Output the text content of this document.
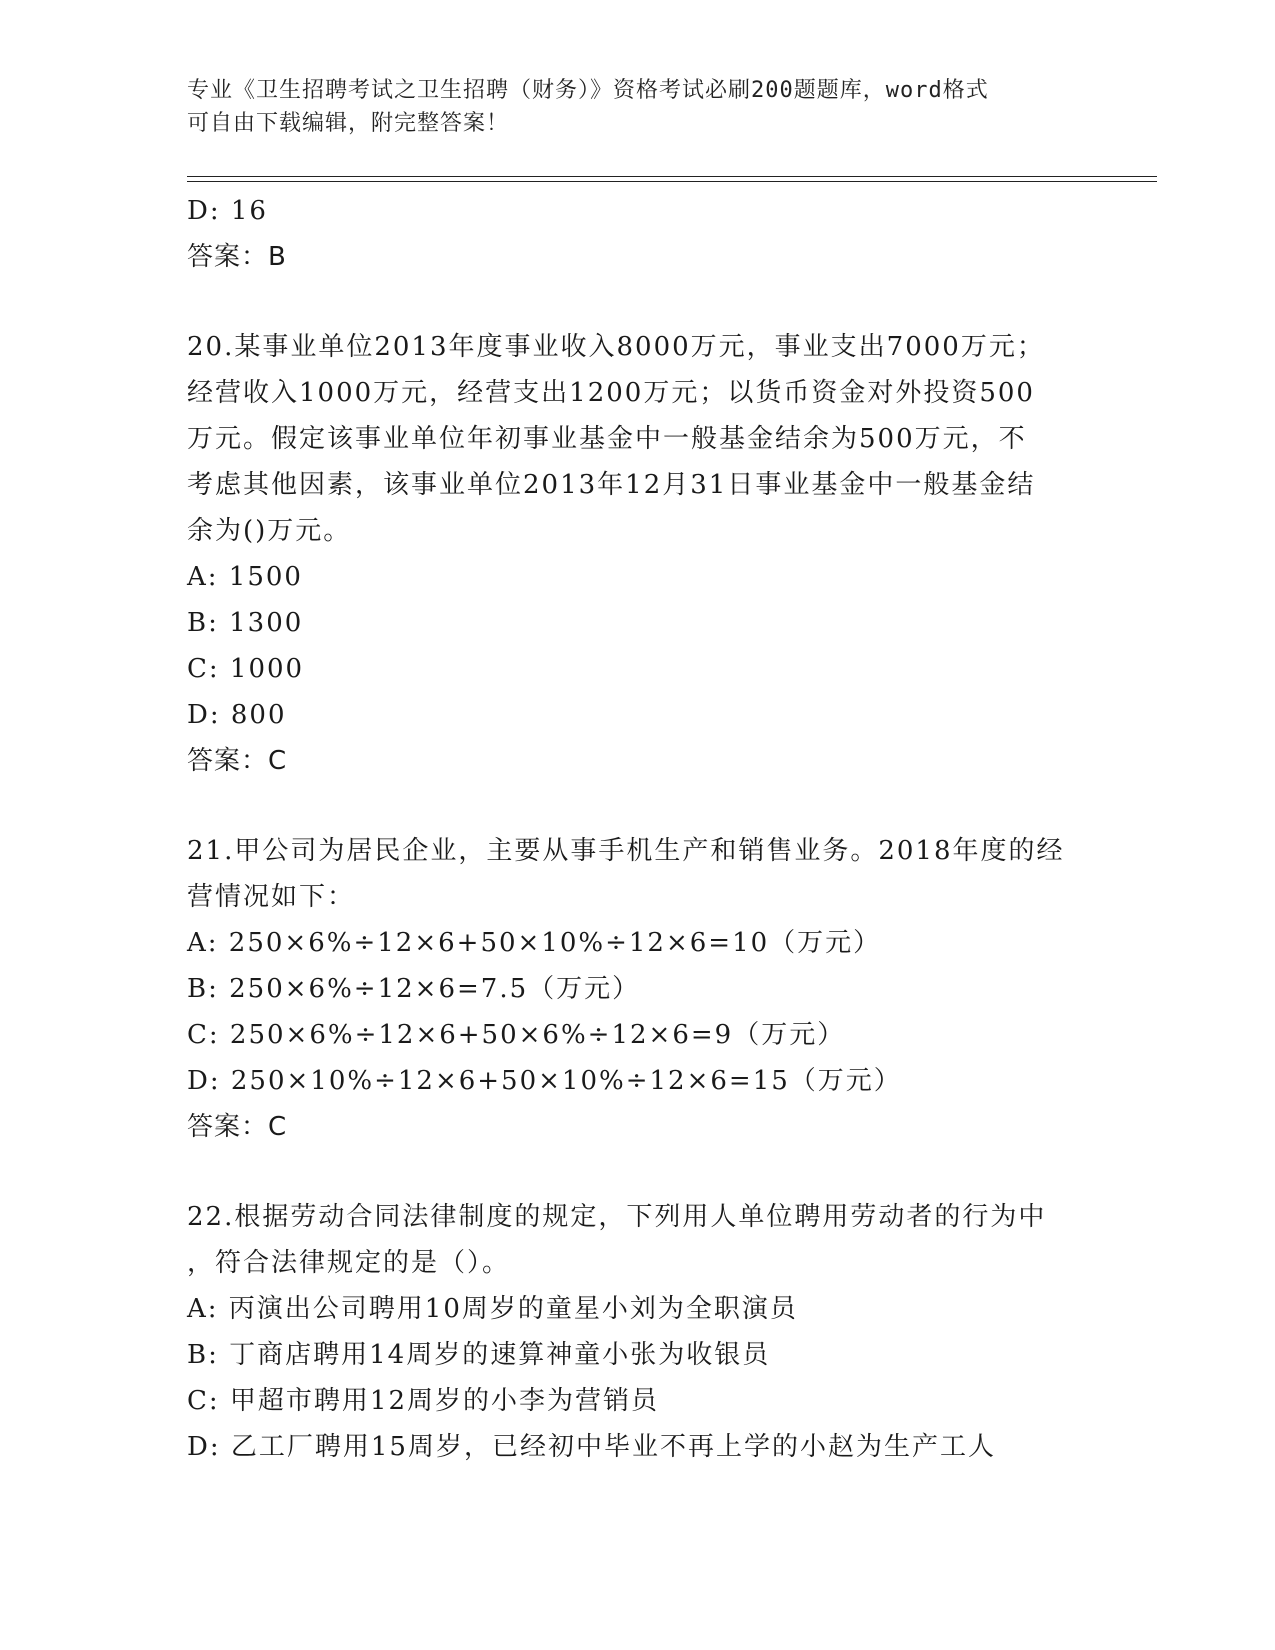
专业《卫生招聘考试之卫生招聘（财务）》资格考试必刷200题题库，word格式
可自由下载编辑，附完整答案！
D: 16
答案：B
20.某事业单位2013年度事业收入8000万元，事业支出7000万元；
经营收入1000万元，经营支出1200万元；以货币资金对外投资500
万元。假定该事业单位年初事业基金中一般基金结余为500万元，不
考虑其他因素，该事业单位2013年12月31日事业基金中一般基金结
余为()万元。
A: 1500
B: 1300
C: 1000
D: 800
答案：C
21.甲公司为居民企业，主要从事手机生产和销售业务。2018年度的经
营情况如下：
A: 250×6%÷12×6+50×10%÷12×6=10（万元）
B: 250×6%÷12×6=7.5（万元）
C: 250×6%÷12×6+50×6%÷12×6=9（万元）
D: 250×10%÷12×6+50×10%÷12×6=15（万元）
答案：C
22.根据劳动合同法律制度的规定，下列用人单位聘用劳动者的行为中
，符合法律规定的是（）。
A: 丙演出公司聘用10周岁的童星小刘为全职演员
B: 丁商店聘用14周岁的速算神童小张为收银员
C: 甲超市聘用12周岁的小李为营销员
D: 乙工厂聘用15周岁，已经初中毕业不再上学的小赵为生产工人
